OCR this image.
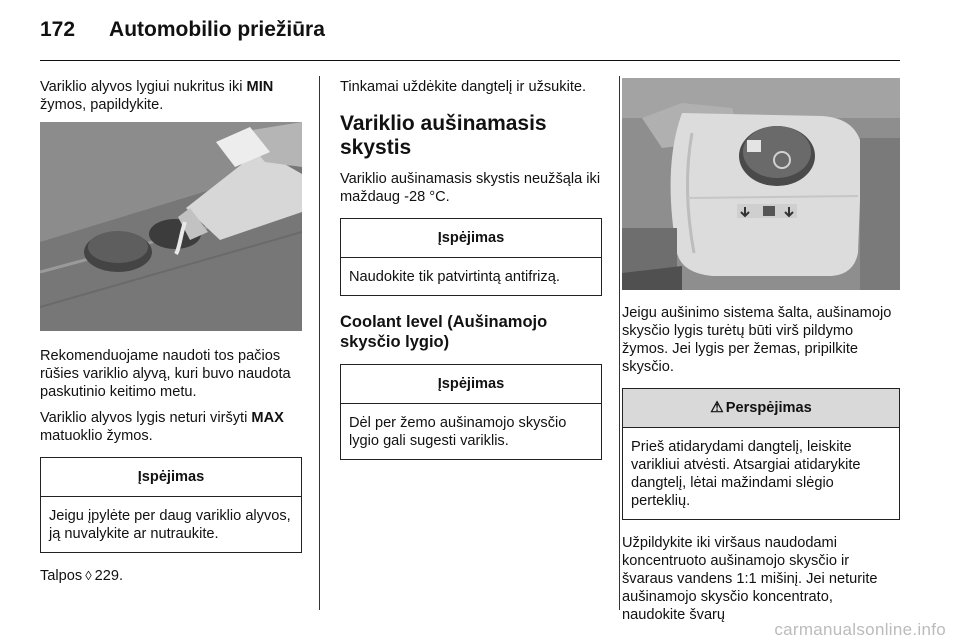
172 Automobilio priežiūra

Variklio alyvos lygiui nukritus iki MIN žymos, papildykite.

Rekomenduojame naudoti tos pačios rūšies variklio alyvą, kuri buvo naudota paskutinio keitimo metu.

Variklio alyvos lygis neturi viršyti MAX matuoklio žymos.

Įspėjimas
Jeigu įpylėte per daug variklio alyvos, ją nuvalykite ar nutraukite.

Talpos ◊ 229.

Tinkamai uždėkite dangtelį ir užsukite.

Variklio aušinamasis skystis

Variklio aušinamasis skystis neužšąla iki maždaug -28 °C.

Įspėjimas
Naudokite tik patvirtintą antifrizą.
Coolant level (Aušinamojo skysčio lygio)
Įspėjimas
Dėl per žemo aušinamojo skysčio lygio gali sugesti variklis.

Jeigu aušinimo sistema šalta, aušinamojo skysčio lygis turėtų būti virš pildymo žymos. Jei lygis per žemas, pripilkite skysčio.

⚠ Perspėjimas
Prieš atidarydami dangtelį, leiskite varikliui atvėsti. Atsargiai atidarykite dangtelį, lėtai mažindami slėgio perteklių.

Užpildykite iki viršaus naudodami koncentruoto aušinamojo skysčio ir švaraus vandens 1:1 mišinį. Jei neturite aušinamojo skysčio koncentrato, naudokite švarų

carmanualsonline.info
